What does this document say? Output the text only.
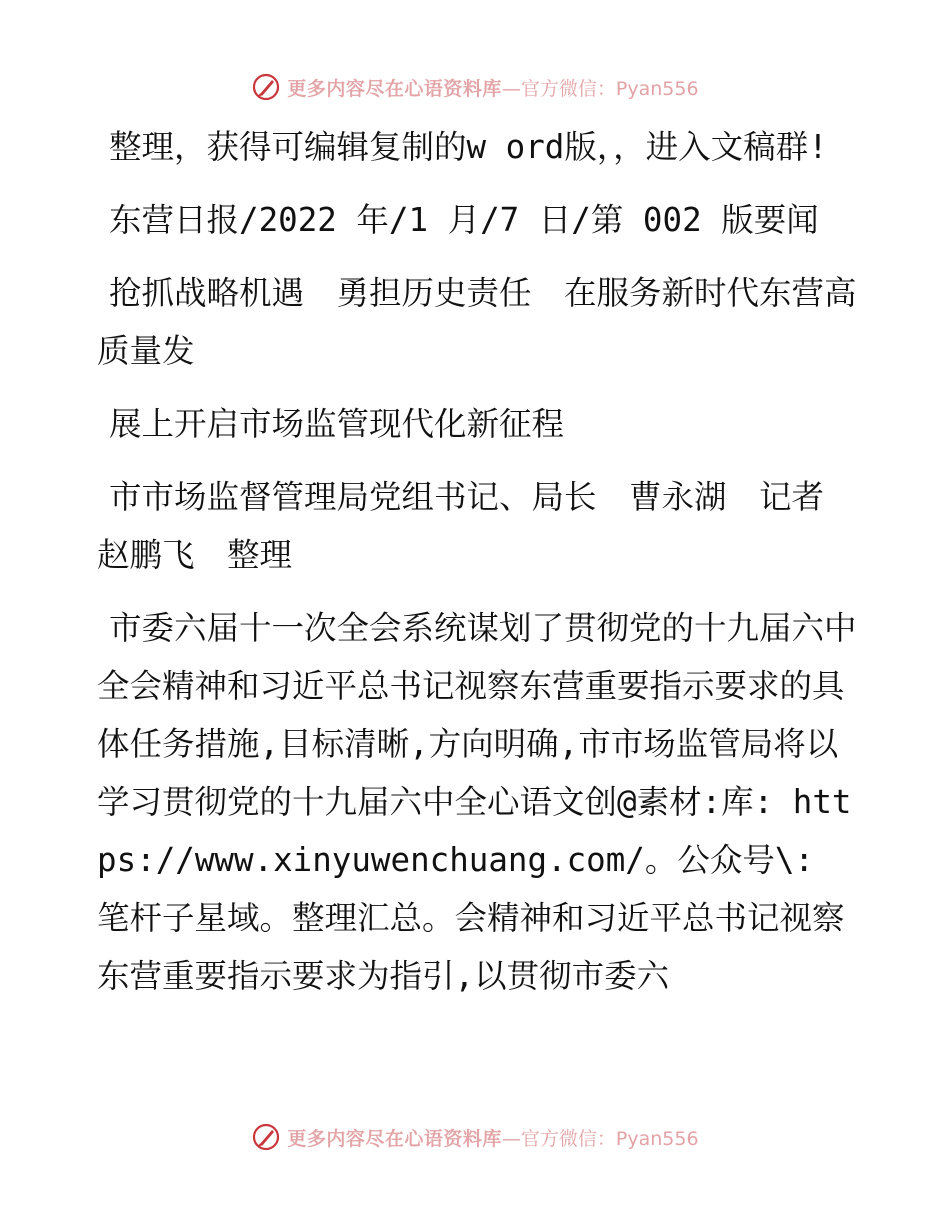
更多内容尽在心语资料库 —官方微信：Pyan556

整理，获得可编辑复制的w ord版，，进入文稿群!

东营日报/2022 年/1 月/7 日/第 002 版要闻

抢抓战略机遇　勇担历史责任　在服务新时代东营高质量发

展上开启市场监管现代化新征程

市市场监督管理局党组书记、局长　曹永湖　记者　赵鹏飞　整理

市委六届十一次全会系统谋划了贯彻党的十九届六中全会精神和习近平总书记视察东营重要指示要求的具体任务措施,目标清晰,方向明确,市市场监管局将以学习贯彻党的十九届六中全心语文创@素材:库: https://www.xinyuwenchuang.com/。公众号\: 笔杆子星域。整理汇总。会精神和习近平总书记视察东营重要指示要求为指引,以贯彻市委六

更多内容尽在心语资料库 —官方微信：Pyan556
